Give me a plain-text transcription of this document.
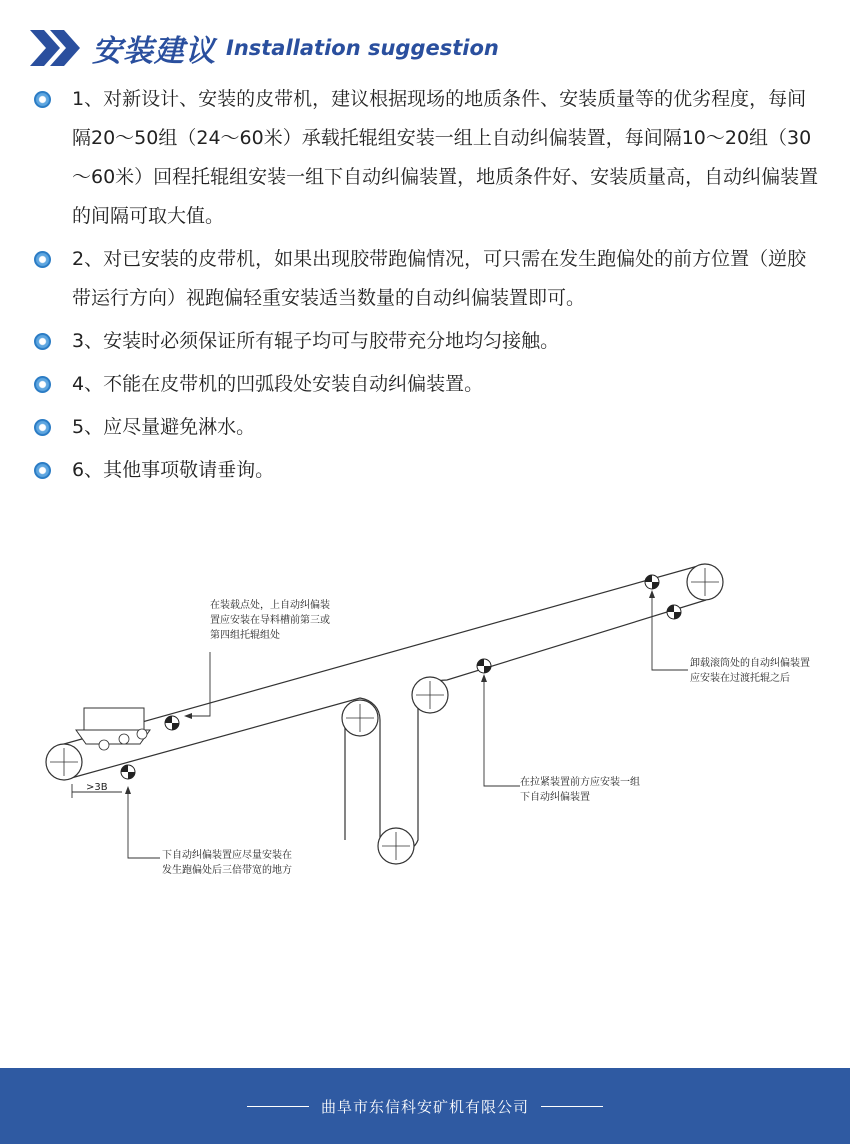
安装建议 Installation suggestion
1、对新设计、安装的皮带机，建议根据现场的地质条件、安装质量等的优劣程度，每间隔20～50组（24～60米）承载托辊组安装一组上自动纠偏装置，每间隔10～20组（30～60米）回程托辊组安装一组下自动纠偏装置，地质条件好、安装质量高，自动纠偏装置的间隔可取大值。
2、对已安装的皮带机，如果出现胶带跑偏情况，可只需在发生跑偏处的前方位置（逆胶带运行方向）视跑偏轻重安装适当数量的自动纠偏装置即可。
3、安装时必须保证所有辊子均可与胶带充分地均匀接触。
4、不能在皮带机的凹弧段处安装自动纠偏装置。
5、应尽量避免淋水。
6、其他事项敬请垂询。
在装载点处，上自动纠偏装
置应安装在导料槽前第三或
第四组托辊组处
卸载滚筒处的自动纠偏装置
应安装在过渡托辊之后
在拉紧装置前方应安装一组
下自动纠偏装置
下自动纠偏装置应尽量安装在
发生跑偏处后三倍带宽的地方
>3B
曲阜市东信科安矿机有限公司
